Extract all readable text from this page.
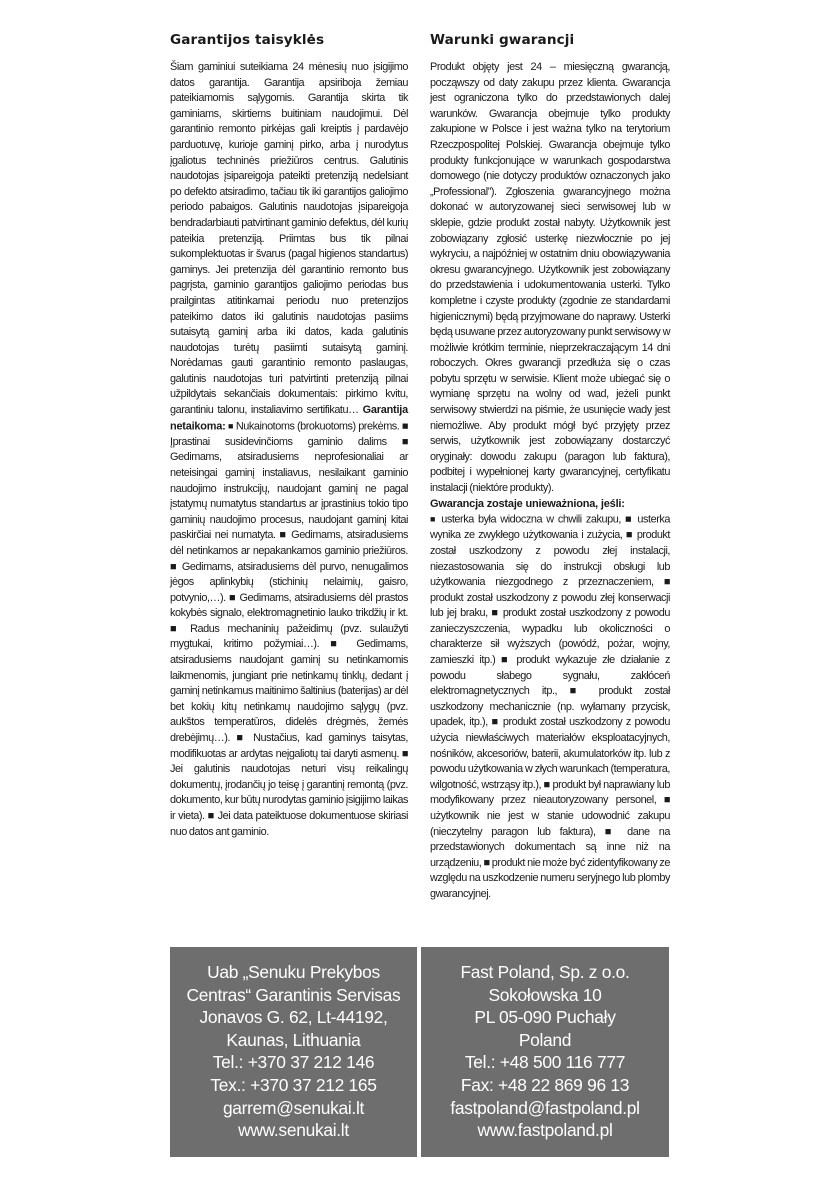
Garantijos taisyklės

Šiam gaminiui suteikiama 24 mėnesių nuo įsigijimo datos garantija. Garantija apsiriboja žemiau pateikiamomis sąlygomis. Garantija skirta tik gaminiams, skirtiems buitiniam naudojimui. Dėl garantinio remonto pirkėjas gali kreiptis į pardavėjo parduotuvę, kurioje gaminį pirko, arba į nurodytus įgaliotus techninės priežiūros centrus. Galutinis naudotojas įsipareigoja pateikti pretenziją nedelsiant po defekto atsiradimo, tačiau tik iki garantijos galiojimo periodo pabaigos. Galutinis naudotojas įsipareigoja bendradarbiauti patvirtinant gaminio defektus, dėl kurių pateikia pretenziją. Priimtas bus tik pilnai sukomplektuotas ir švarus (pagal higienos standartus) gaminys. Jei pretenzija dėl garantinio remonto bus pagrįsta, gaminio garantijos galiojimo periodas bus prailgintas atitinkamai periodu nuo pretenzijos pateikimo datos iki galutinis naudotojas pasiims sutaisytą gaminį arba iki datos, kada galutinis naudotojas turėtų pasiimti sutaisytą gaminį. Norėdamas gauti garantinio remonto paslaugas, galutinis naudotojas turi patvirtinti pretenziją pilnai užpildytais sekančiais dokumentais: pirkimo kvitu, garantiniu talonu, instaliavimo sertifikatu… Garantija netaikoma: ■ Nukainotoms (brokuotoms) prekėms. ■ Įprastinai susidevinčioms gaminio dalims ■ Gedimams, atsiradusiems neprofesionaliai ar neteisingai gaminį instaliavus, nesilaikant gaminio naudojimo instrukcijų, naudojant gaminį ne pagal įstatymų numatytus standartus ar įprastinius tokio tipo gaminių naudojimo procesus, naudojant gaminį kitai paskirčiai nei numatyta. ■ Gedimams, atsiradusiems dėl netinkamos ar nepakankamos gaminio priežiūros. ■ Gedimams, atsiradusiems dėl purvo, nenugalimos jėgos aplinkybių (stichinių nelaimių, gaisro, potvynio,…). ■ Gedimams, atsiradusiems dėl prastos kokybės signalo, elektromagnetinio lauko trikdžių ir kt. ■ Radus mechaninių pažeidimų (pvz. sulaužyti mygtukai, kritimo požymiai…). ■ Gedimams, atsiradusiems naudojant gaminį su netinkamomis laikmenomis, jungiant prie netinkamų tinklų, dedant į gaminį netinkamus maitinimo šaltinius (baterijas) ar dėl bet kokių kitų netinkamų naudojimo sąlygų (pvz. aukštos temperatūros, didelės drėgmės, žemės drebėjimų…). ■ Nustačius, kad gaminys taisytas, modifikuotas ar ardytas neįgaliotų tai daryti asmenų. ■ Jei galutinis naudotojas neturi visų reikalingų dokumentų, įrodančių jo teisę į garantinį remontą (pvz. dokumento, kur būtų nurodytas gaminio įsigijimo laikas ir vieta). ■ Jei data pateiktuose dokumentuose skiriasi nuo datos ant gaminio.

Warunki gwarancji

Produkt objęty jest 24 – miesięczną gwarancją, począwszy od daty zakupu przez klienta. Gwarancja jest ograniczona tylko do przedstawionych dalej warunków. Gwarancja obejmuje tylko produkty zakupione w Polsce i jest ważna tylko na terytorium Rzeczpospolitej Polskiej. Gwarancja obejmuje tylko produkty funkcjonujące w warunkach gospodarstwa domowego (nie dotyczy produktów oznaczonych jako „Professional”). Zgłoszenia gwarancyjnego można dokonać w autoryzowanej sieci serwisowej lub w sklepie, gdzie produkt został nabyty. Użytkownik jest zobowiązany zgłosić usterkę niezwłocznie po jej wykryciu, a najpóźniej w ostatnim dniu obowiązywania okresu gwarancyjnego. Użytkownik jest zobowiązany do przedstawienia i udokumentowania usterki. Tylko kompletne i czyste produkty (zgodnie ze standardami higienicznymi) będą przyjmowane do naprawy. Usterki będą usuwane przez autoryzowany punkt serwisowy w możliwie krótkim terminie, nieprzekraczającym 14 dni roboczych. Okres gwarancji przedłuża się o czas pobytu sprzętu w serwisie. Klient może ubiegać się o wymianę sprzętu na wolny od wad, jeżeli punkt serwisowy stwierdzi na piśmie, że usunięcie wady jest niemożliwe. Aby produkt mógł być przyjęty przez serwis, użytkownik jest zobowiązany dostarczyć oryginały: dowodu zakupu (paragon lub faktura), podbitej i wypełnionej karty gwarancyjnej, certyfikatu instalacji (niektóre produkty).

Gwarancja zostaje unieważniona, jeśli:

■ usterka była widoczna w chwili zakupu, ■ usterka wynika ze zwykłego użytkowania i zużycia, ■ produkt został uszkodzony z powodu złej instalacji, niezastosowania się do instrukcji obsługi lub użytkowania niezgodnego z przeznaczeniem, ■ produkt został uszkodzony z powodu złej konserwacji lub jej braku, ■ produkt został uszkodzony z powodu zanieczyszczenia, wypadku lub okoliczności o charakterze sił wyższych (powódź, pożar, wojny, zamieszki itp.) ■ produkt wykazuje złe działanie z powodu słabego sygnału, zakłóceń elektromagnetycznych itp., ■ produkt został uszkodzony mechanicznie (np. wyłamany przycisk, upadek, itp.), ■ produkt został uszkodzony z powodu użycia niewłaściwych materiałów eksploatacyjnych, nośników, akcesoriów, baterii, akumulatorków itp. lub z powodu użytkowania w złych warunkach (temperatura, wilgotność, wstrząsy itp.), ■ produkt był naprawiany lub modyfikowany przez nieautoryzowany personel, ■ użytkownik nie jest w stanie udowodnić zakupu (nieczytelny paragon lub faktura), ■ dane na przedstawionych dokumentach są inne niż na urządzeniu, ■ produkt nie może być zidentyfikowany ze względu na uszkodzenie numeru seryjnego lub plomby gwarancyjnej.

Uab „Senuku Prekybos
Centras“ Garantinis Servisas
Jonavos G. 62, Lt-44192,
Kaunas, Lithuania
Tel.: +370 37 212 146
Tex.: +370 37 212 165
garrem@senukai.lt
www.senukai.lt
Fast Poland, Sp. z o.o.
Sokołowska 10
PL 05-090 Puchały
Poland
Tel.: +48 500 116 777
Fax: +48 22 869 96 13
fastpoland@fastpoland.pl
www.fastpoland.pl
